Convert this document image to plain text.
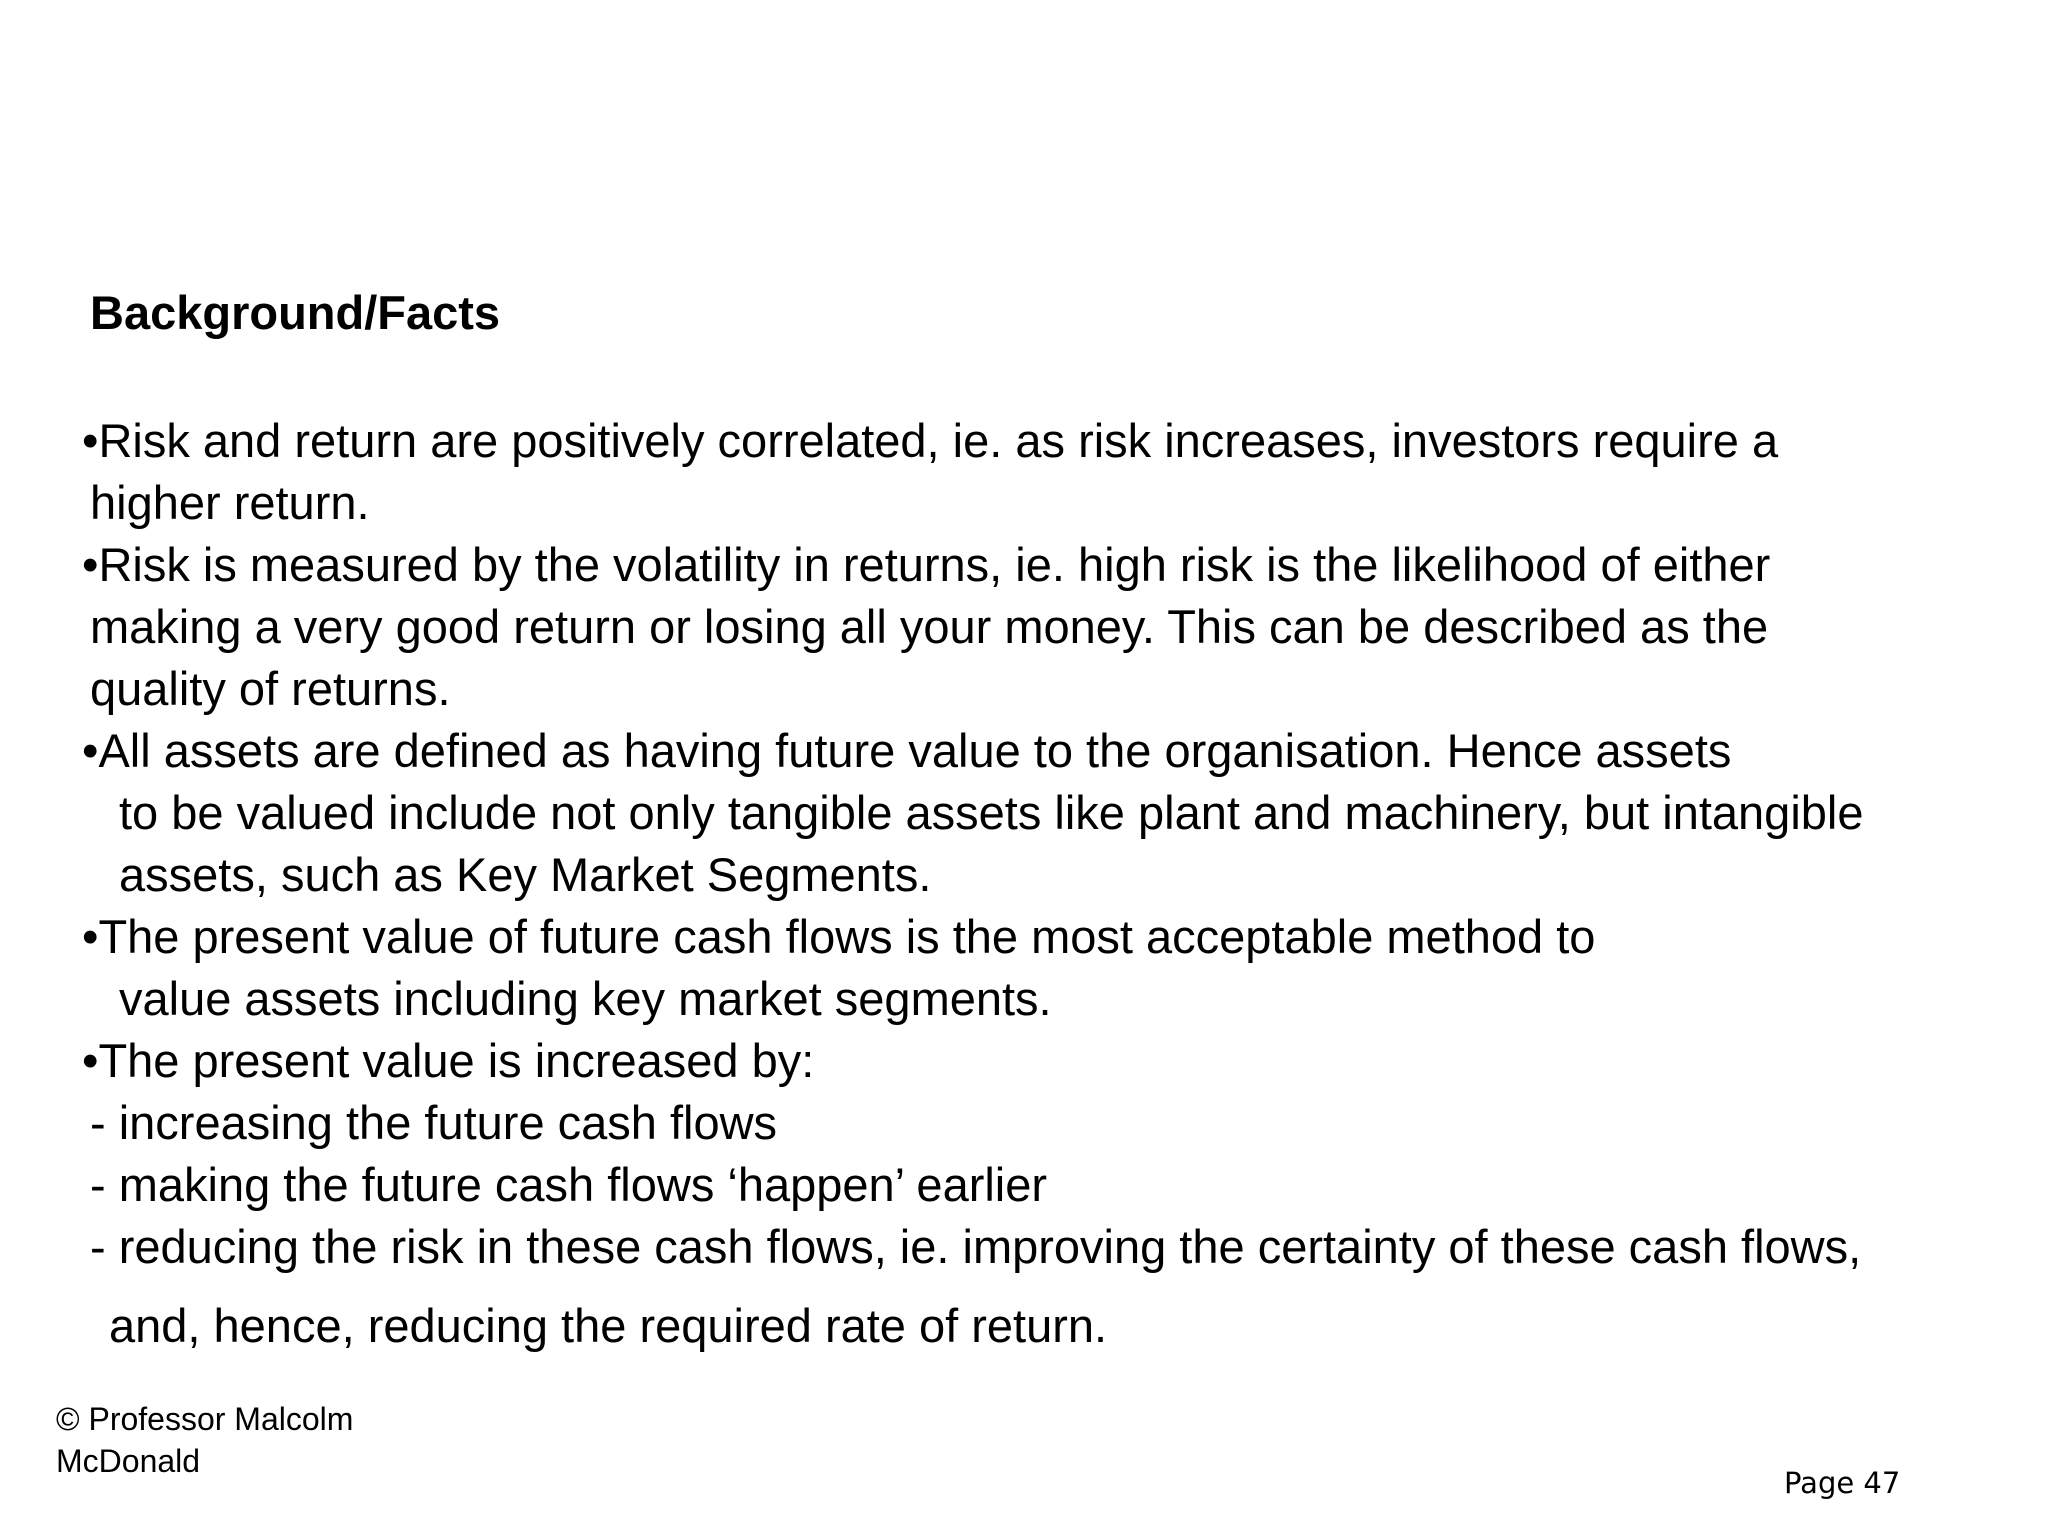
Background/Facts
•Risk and return are positively correlated, ie. as risk increases, investors require a
higher return.
•Risk is measured by the volatility in returns, ie. high risk is the likelihood of either
making a very good return or losing all your money. This can be described as the
quality of returns.
•All assets are defined as having future value to the organisation. Hence assets
to be valued include not only tangible assets like plant and machinery, but intangible
assets, such as Key Market Segments.
•The present value of future cash flows is the most acceptable method to
value assets including key market segments.
•The present value is increased by:
- increasing the future cash flows
- making the future cash flows ‘happen’ earlier
- reducing the risk in these cash flows, ie. improving the certainty of these cash flows,
and, hence, reducing the required rate of return.
© Professor Malcolm
McDonald
Page 47
